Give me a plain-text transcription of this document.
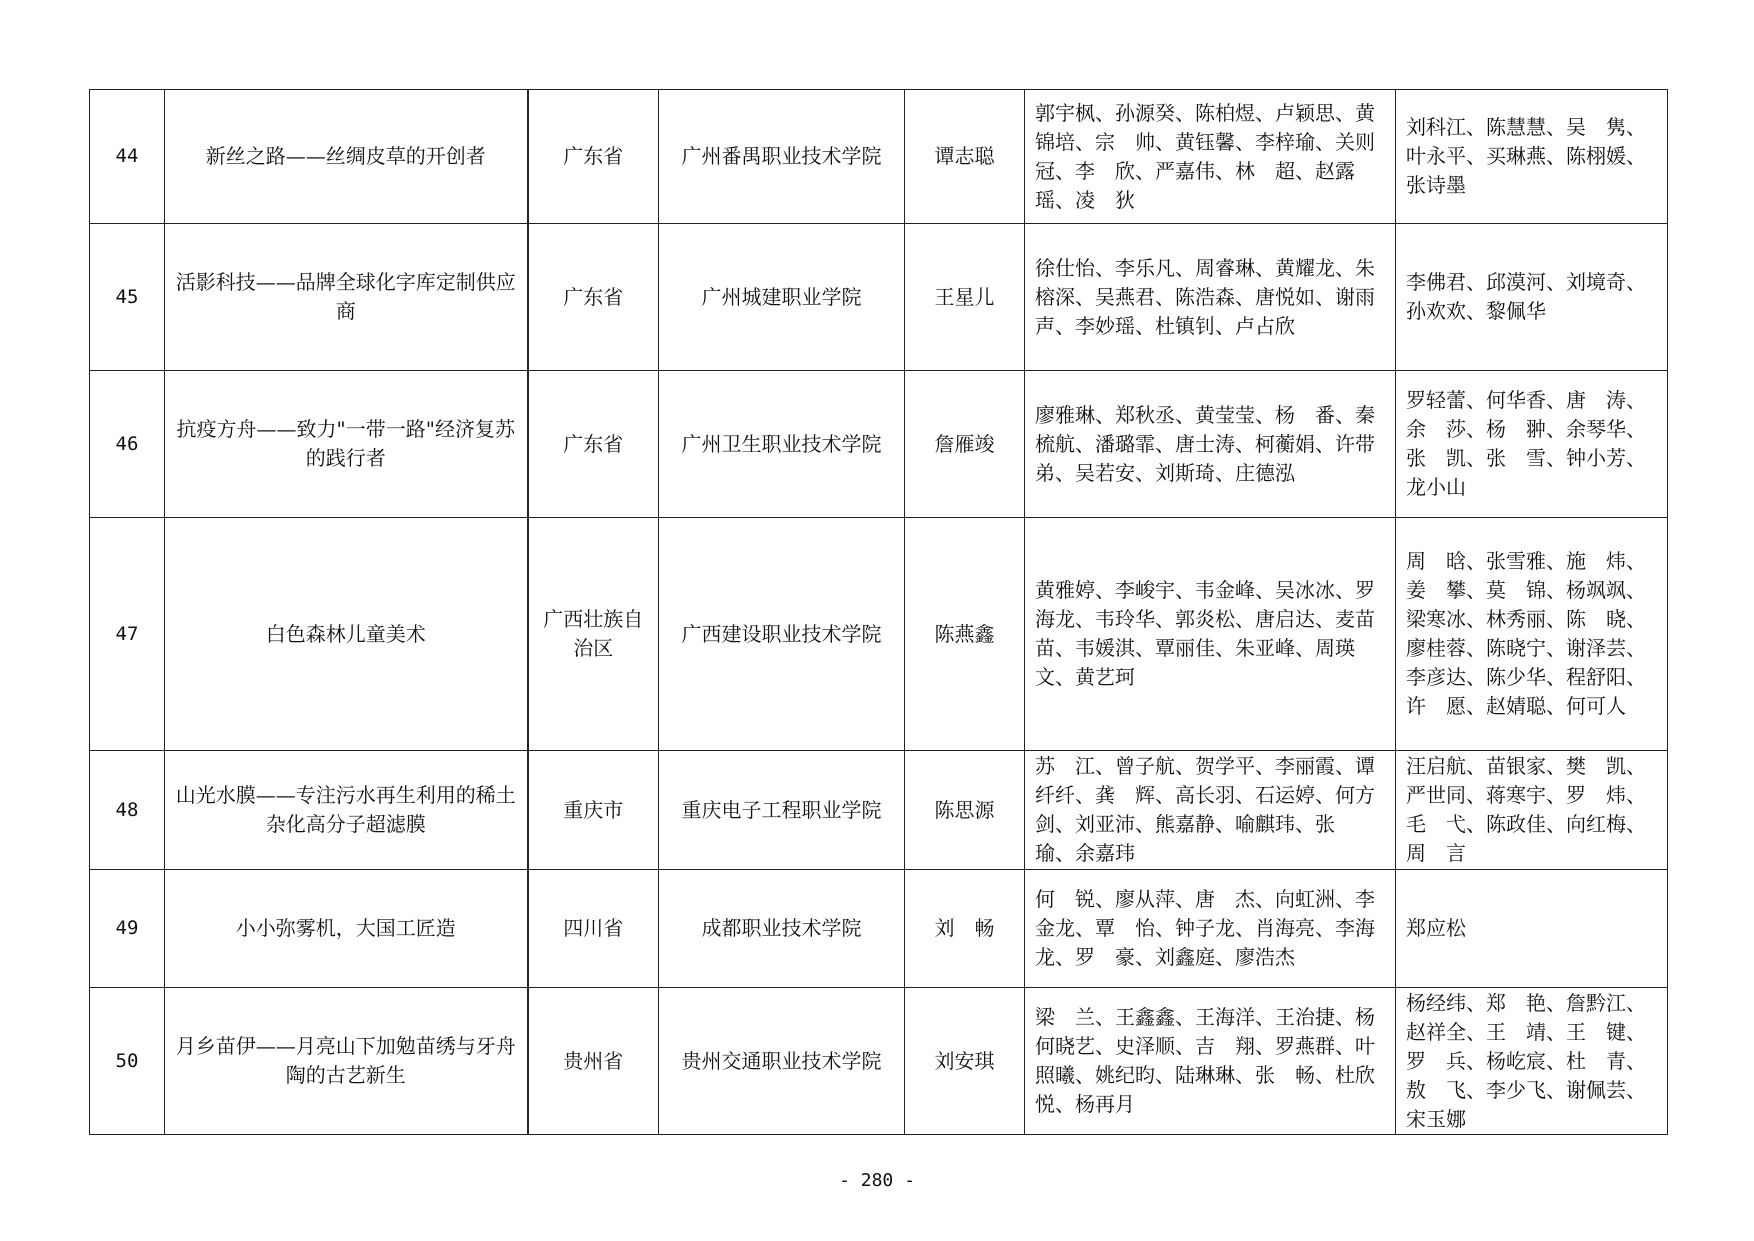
44	新丝之路——丝绸皮草的开创者	广东省	广州番禺职业技术学院	谭志聪	郭宇枫、孙源癸、陈柏煜、卢颖思、黄锦培、宗　帅、黄钰馨、李梓瑜、关则冠、李　欣、严嘉伟、林　超、赵露瑶、凌　狄	刘科江、陈慧慧、吴　隽、叶永平、买琳燕、陈栩媛、张诗墨
45	活影科技——品牌全球化字库定制供应商	广东省	广州城建职业学院	王星儿	徐仕怡、李乐凡、周睿琳、黄耀龙、朱榕深、吴燕君、陈浩森、唐悦如、谢雨声、李妙瑶、杜镇钊、卢占欣	李佛君、邱漠河、刘境奇、孙欢欢、黎佩华
46	抗疫方舟——致力"一带一路"经济复苏的践行者	广东省	广州卫生职业技术学院	詹雁竣	廖雅琳、郑秋丞、黄莹莹、杨　番、秦梳航、潘璐霏、唐士涛、柯蘅娟、许带弟、吴若安、刘斯琦、庄德泓	罗轻蕾、何华香、唐　涛、余　莎、杨　翀、余琴华、张　凯、张　雪、钟小芳、龙小山
47	白色森林儿童美术	广西壮族自治区	广西建设职业技术学院	陈燕鑫	黄雅婷、李峻宇、韦金峰、吴冰冰、罗海龙、韦玲华、郭炎松、唐启达、麦苗苗、韦媛淇、覃丽佳、朱亚峰、周瑛文、黄艺珂	周　晗、张雪雅、施　炜、姜　攀、莫　锦、杨飒飒、梁寒冰、林秀丽、陈　晓、廖桂蓉、陈晓宁、谢泽芸、李彦达、陈少华、程舒阳、许　愿、赵婧聪、何可人
48	山光水膜——专注污水再生利用的稀土杂化高分子超滤膜	重庆市	重庆电子工程职业学院	陈思源	苏　江、曾子航、贺学平、李丽霞、谭纤纤、龚　辉、高长羽、石运婷、何方剑、刘亚沛、熊嘉静、喻麒玮、张　瑜、余嘉玮	汪启航、苗银家、樊　凯、严世同、蒋寒宇、罗　炜、毛　弋、陈政佳、向红梅、周　言
49	小小弥雾机，大国工匠造	四川省	成都职业技术学院	刘　畅	何　锐、廖从萍、唐　杰、向虹洲、李金龙、覃　怡、钟子龙、肖海亮、李海龙、罗　豪、刘鑫庭、廖浩杰	郑应松
50	月乡苗伊——月亮山下加勉苗绣与牙舟陶的古艺新生	贵州省	贵州交通职业技术学院	刘安琪	梁　兰、王鑫鑫、王海洋、王治捷、杨何晓艺、史泽顺、吉　翔、罗燕群、叶照曦、姚纪昀、陆琳琳、张　畅、杜欣悦、杨再月	杨经纬、郑　艳、詹黔江、赵祥全、王　靖、王　键、罗　兵、杨屹宸、杜　青、敖　飞、李少飞、谢佩芸、宋玉娜
- 280 -
